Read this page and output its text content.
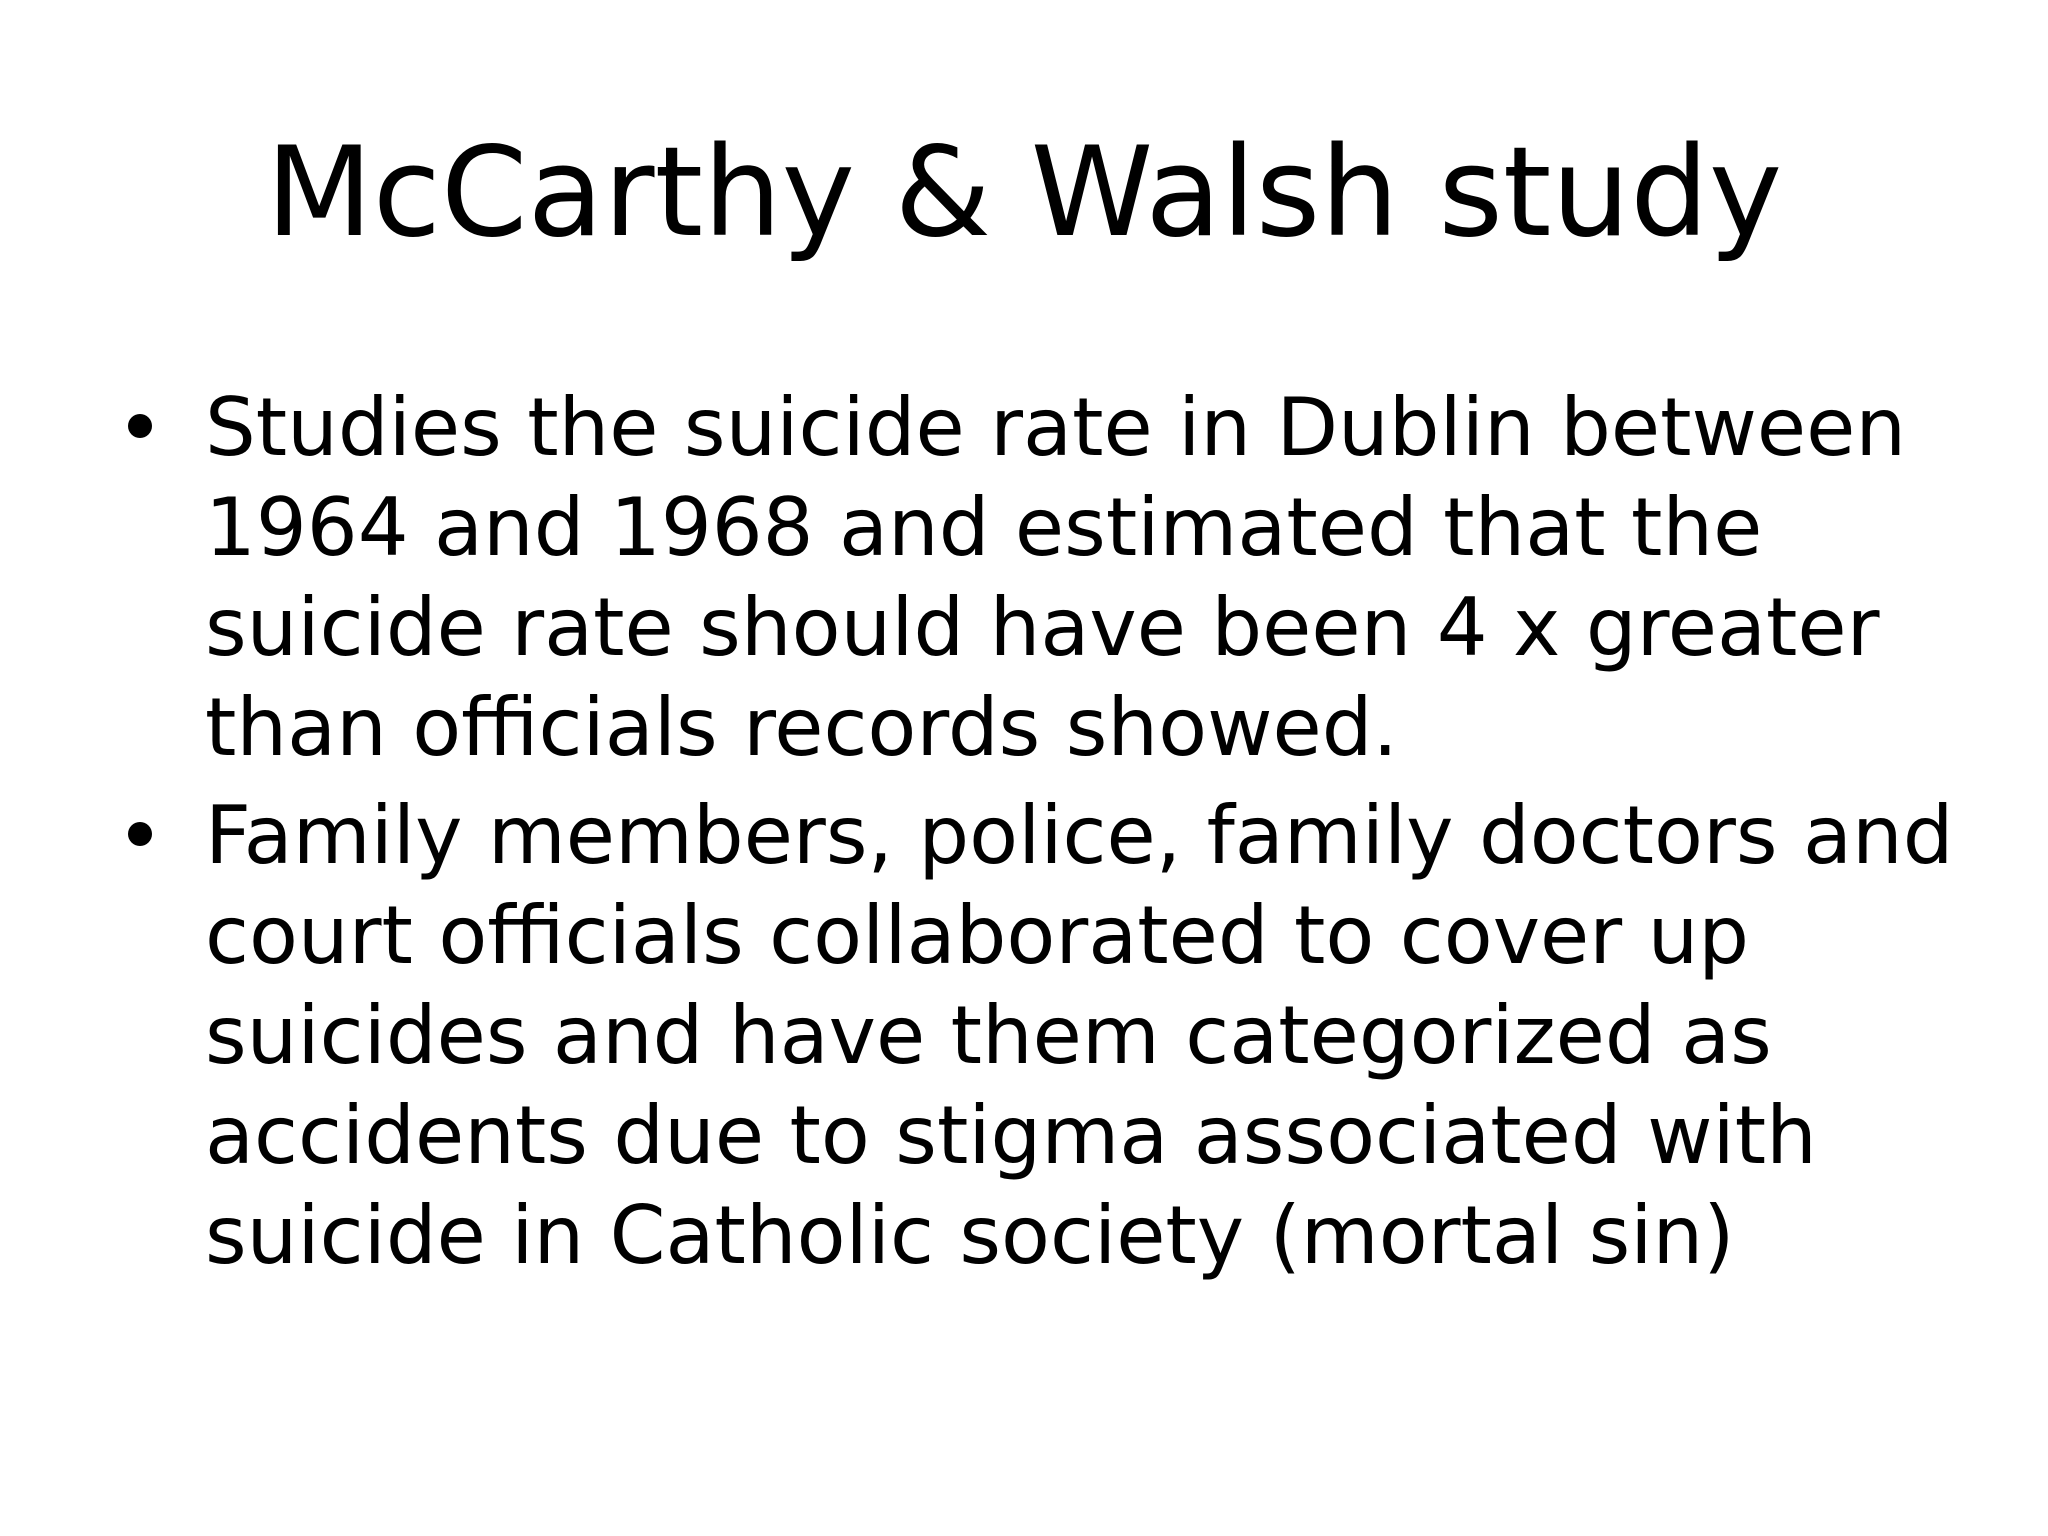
McCarthy & Walsh study
Studies the suicide rate in Dublin between 1964 and 1968 and estimated that the suicide rate should have been 4 x greater than officials records showed.
Family members, police, family doctors and court officials collaborated to cover up suicides and have them categorized as accidents due to stigma associated with suicide in Catholic society (mortal sin)
